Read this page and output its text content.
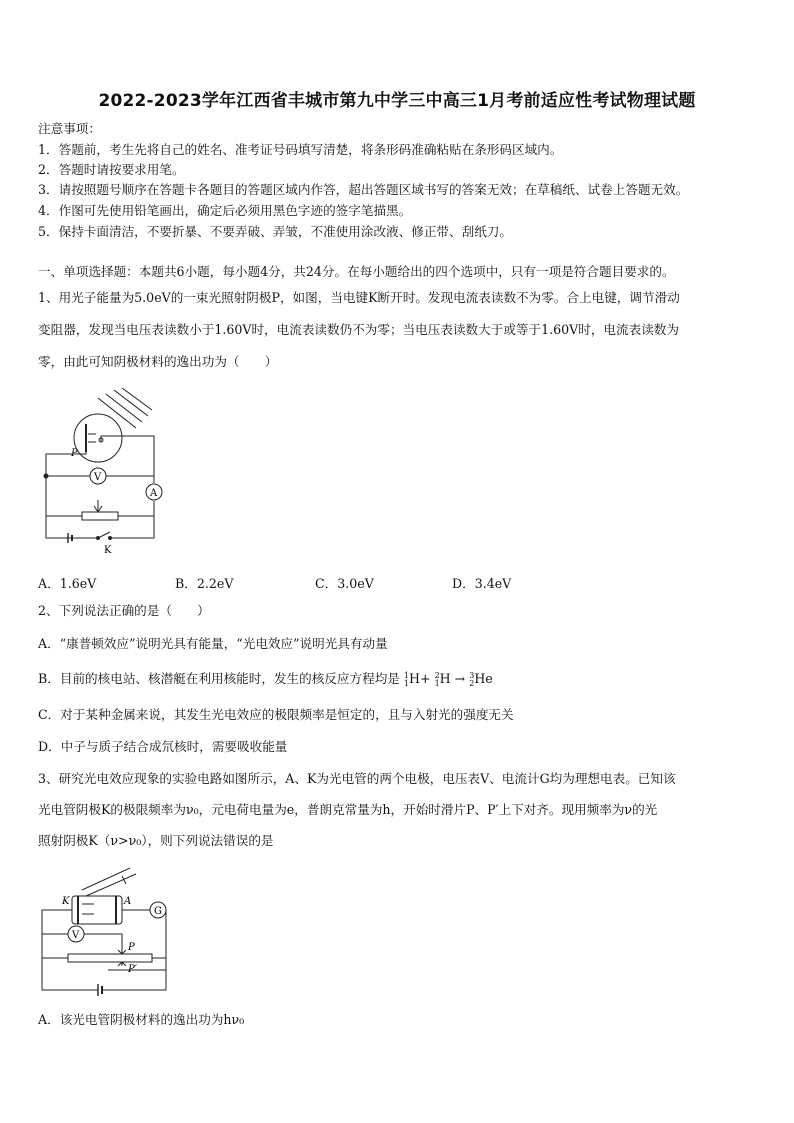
2022-2023学年江西省丰城市第九中学三中高三1月考前适应性考试物理试题
注意事项：
1．答题前，考生先将自己的姓名、准考证号码填写清楚，将条形码准确粘贴在条形码区域内。
2．答题时请按要求用笔。
3．请按照题号顺序在答题卡各题目的答题区域内作答，超出答题区域书写的答案无效；在草稿纸、试卷上答题无效。
4．作图可先使用铅笔画出，确定后必须用黑色字迹的签字笔描黑。
5．保持卡面清洁，不要折暴、不要弄破、弄皱，不准使用涂改液、修正带、刮纸刀。
一、单项选择题：本题共6小题，每小题4分，共24分。在每小题给出的四个选项中，只有一项是符合题目要求的。
1、用光子能量为5.0eV的一束光照射阴极P，如图，当电键K断开时。发现电流表读数不为零。合上电键，调节滑动
变阻器，发现当电压表读数小于1.60V时，电流表读数仍不为零；当电压表读数大于或等于1.60V时，电流表读数为
零，由此可知阴极材料的逸出功为（　　）
V
A
P
K
A．1.6eV	B．2.2eV	C．3.0eV	D．3.4eV
2、下列说法正确的是（　　）
A．“康普顿效应”说明光具有能量，“光电效应”说明光具有动量
B．目前的核电站、核潜艇在利用核能时，发生的核反应方程均是 1
1H+ 2
1H → 3
2He
C．对于某种金属来说，其发生光电效应的极限频率是恒定的，且与入射光的强度无关
D．中子与质子结合成氘核时，需要吸收能量
3、研究光电效应现象的实验电路如图所示，A、K为光电管的两个电极，电压表V、电流计G均为理想电表。已知该
光电管阴极K的极限频率为ν₀，元电荷电量为e，普朗克常量为h，开始时滑片P、P′上下对齐。现用频率为ν的光
照射阴极K（ν>ν₀），则下列说法错误的是
G
V
K	A
P
P′
A．该光电管阴极材料的逸出功为hν₀
